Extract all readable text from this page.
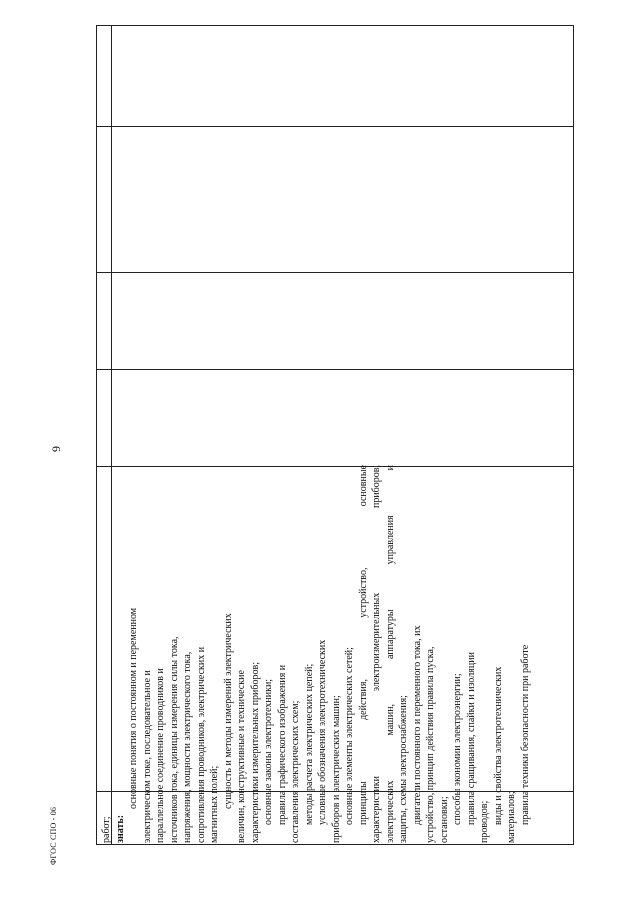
9
работ; знать:
основные понятия о постоянном и переменном электрическом токе, последовательное и параллельное соединение проводников и источников тока, единицы измерения силы тока, напряжения, мощности электрического тока, сопротивления проводников, электрических и магнитных полей; сущность и методы измерений электрических величин, конструктивные и технические характеристики измерительных приборов; основные законы электротехники; правила графического изображения и составления электрических схем; методы расчета электрических цепей; условные обозначения электротехнических приборов и электрических машин; основные элементы электрических сетей; принципы действия, устройство, основные характеристики электроизмерительных приборов, электрических машин, аппаратуры управления и защиты, схемы электроснабжения; двигатели постоянного и переменного тока, их устройство, принцип действия правила пуска, остановки; способы экономии электроэнергии; правила сращивания, спайки и изоляции проводов; виды и свойства электротехнических материалов; правила техники безопасности при работе
ФГОС СПО - 06
